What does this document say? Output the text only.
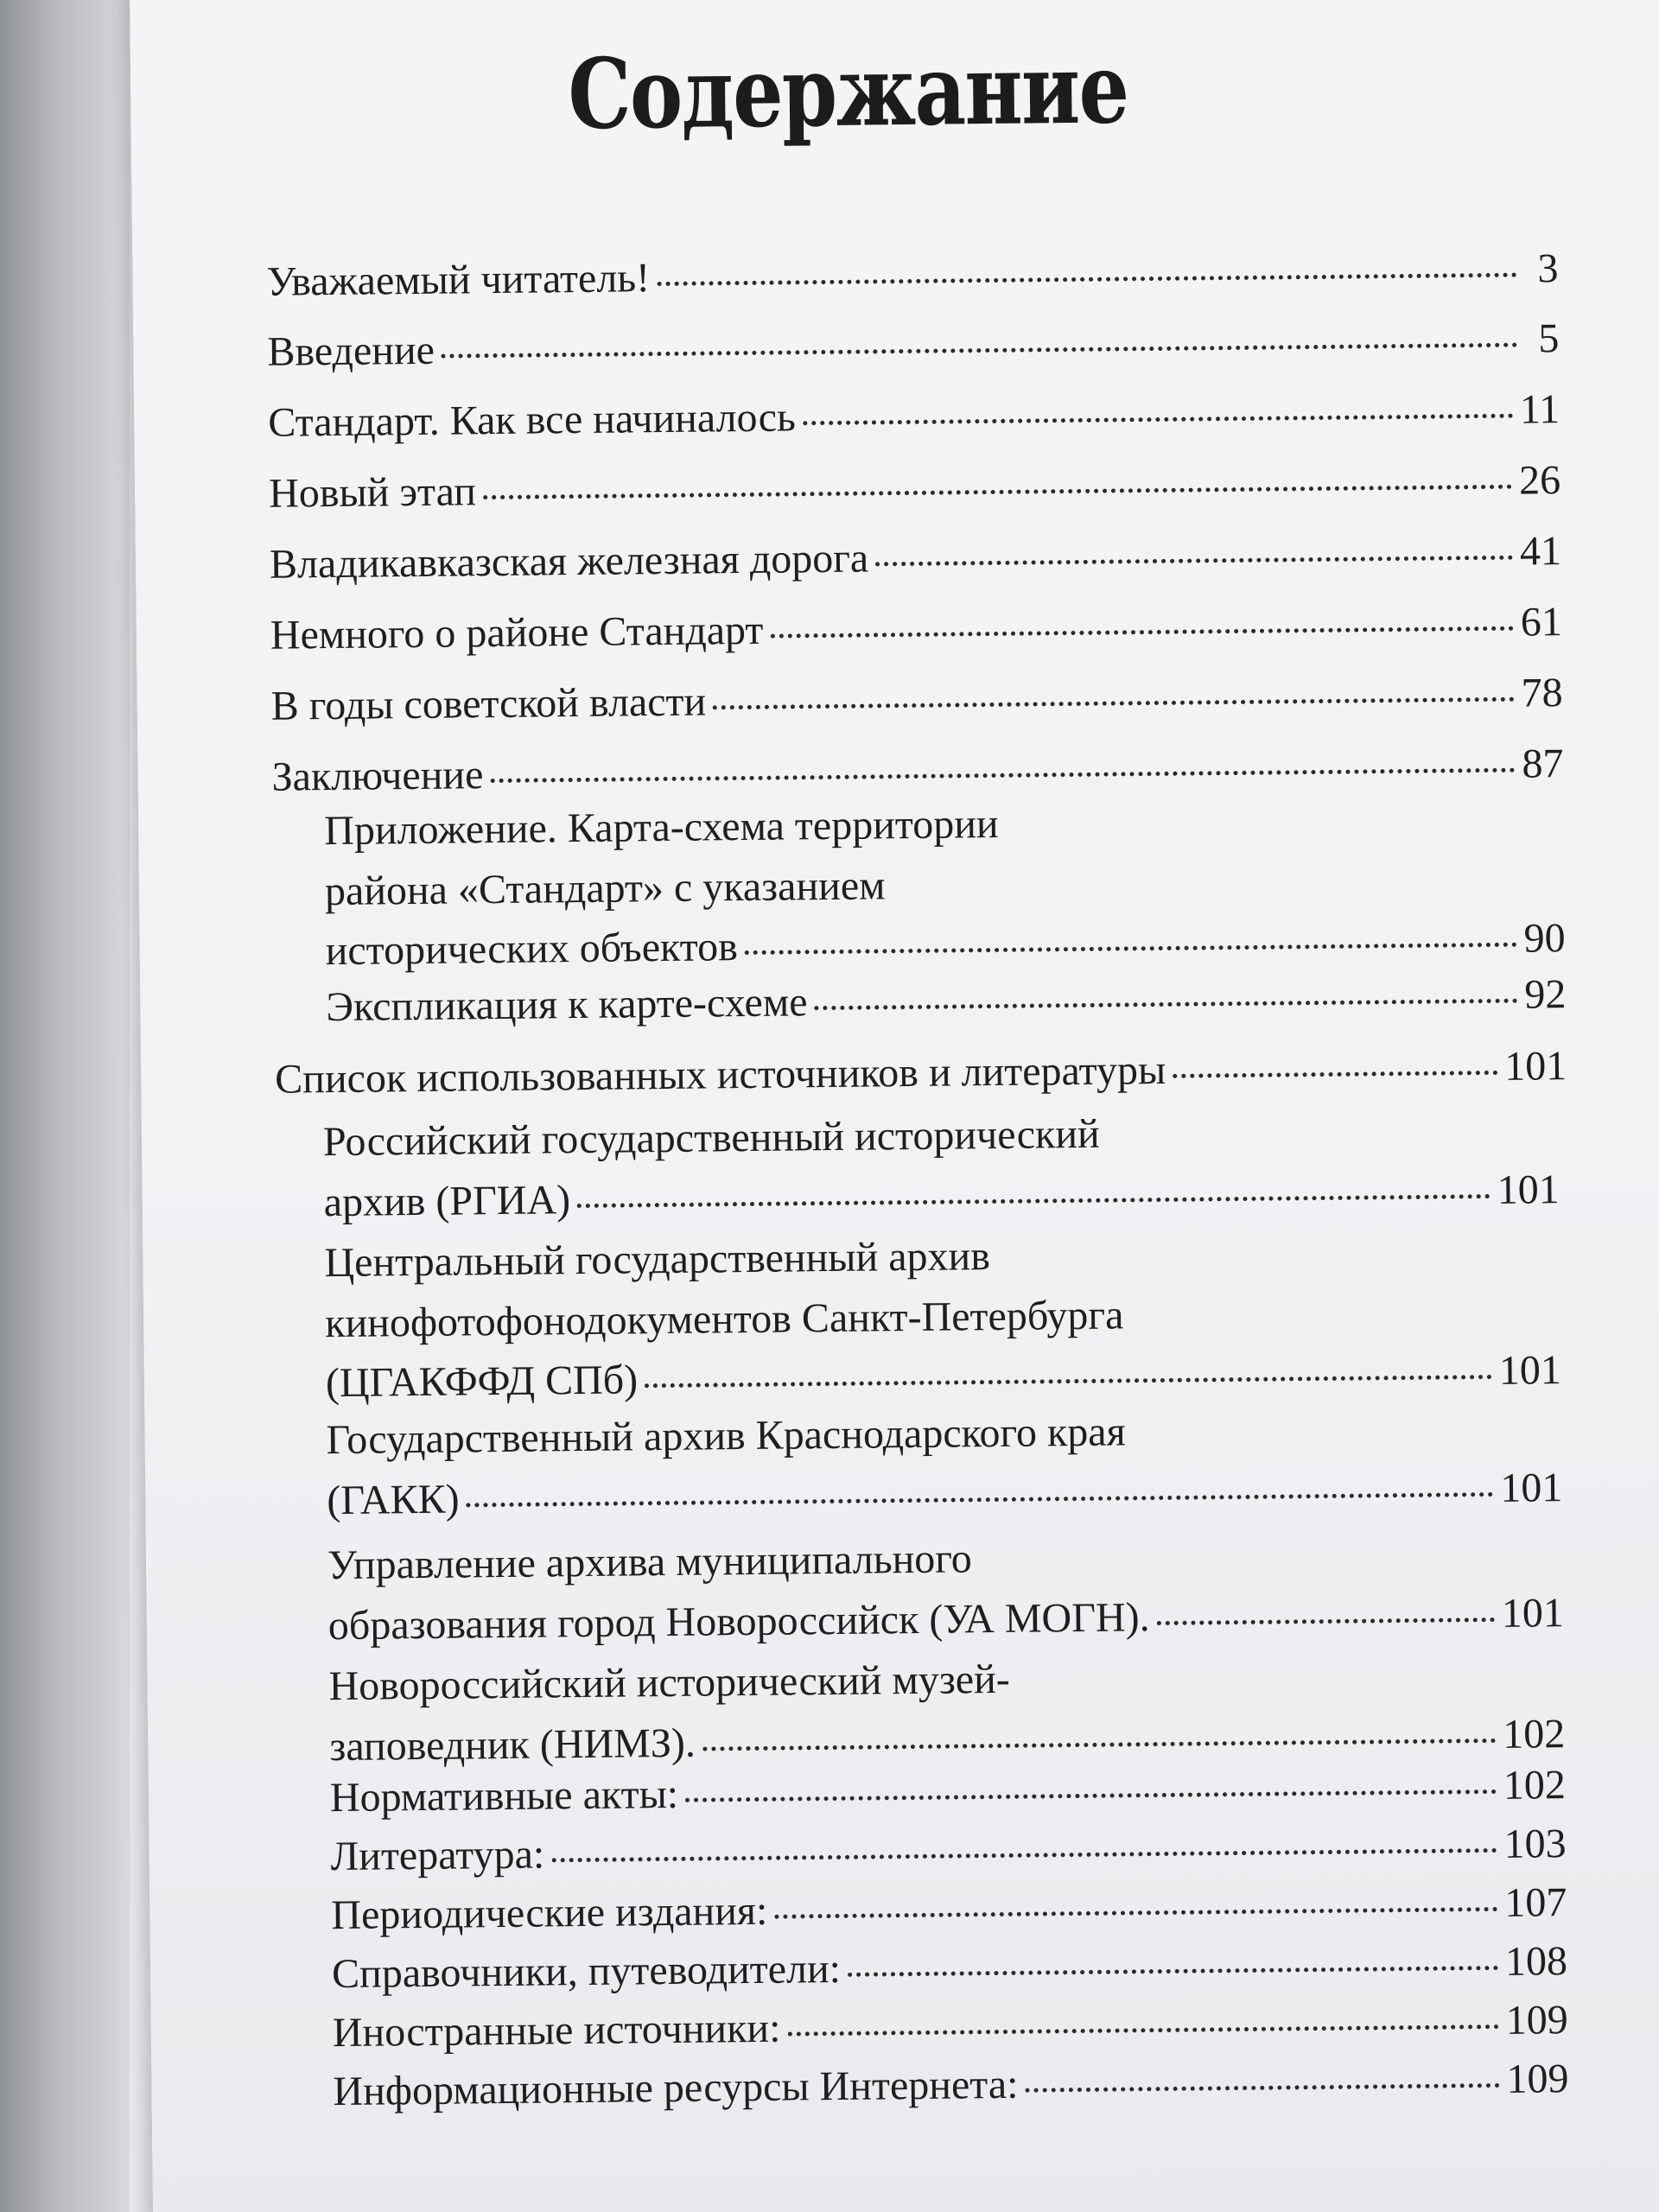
Содержание
Уважаемый читатель!	3
Введение	5
Стандарт. Как все начиналось	11
Новый этап	26
Владикавказская железная дорога	41
Немного о районе Стандарт	61
В годы советской власти	78
Заключение	87
Приложение. Карта-схема территории
района «Стандарт» с указанием
исторических объектов	90
Экспликация к карте-схеме	92
Список использованных источников и литературы	101
Российский государственный исторический
архив (РГИА)	101
Центральный государственный архив
кинофотофонодокументов Санкт-Петербурга
(ЦГАКФФД СПб)	101
Государственный архив Краснодарского края
(ГАКК)	101
Управление архива муниципального
образования город Новороссийск (УА МОГН).	101
Новороссийский исторический музей-
заповедник (НИМЗ).	102
Нормативные акты:	102
Литература:	103
Периодические издания:	107
Справочники, путеводители:	108
Иностранные источники:	109
Информационные ресурсы Интернета:	109
